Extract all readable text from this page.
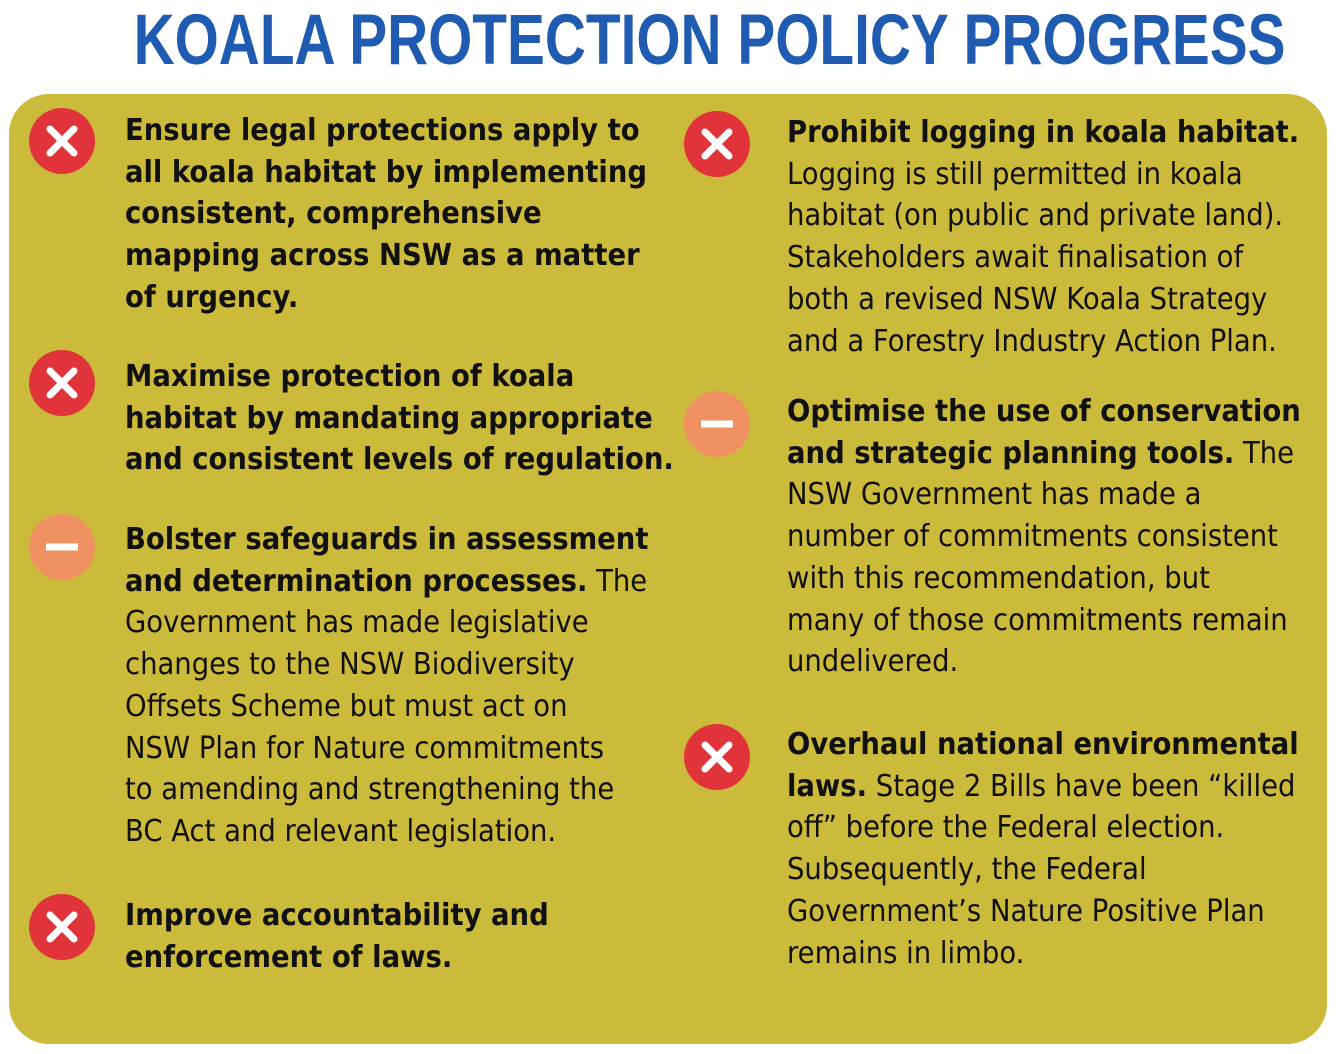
KOALA PROTECTION POLICY PROGRESS
Ensure legal protections apply to
all koala habitat by implementing
consistent, comprehensive
mapping across NSW as a matter
of urgency.
Maximise protection of koala
habitat by mandating appropriate
and consistent levels of regulation.
Bolster safeguards in assessment
and determination processes. The
Government has made legislative
changes to the NSW Biodiversity
Offsets Scheme but must act on
NSW Plan for Nature commitments
to amending and strengthening the
BC Act and relevant legislation.
Improve accountability and
enforcement of laws.
Prohibit logging in koala habitat.
Logging is still permitted in koala
habitat (on public and private land).
Stakeholders await finalisation of
both a revised NSW Koala Strategy
and a Forestry Industry Action Plan.
Optimise the use of conservation
and strategic planning tools. The
NSW Government has made a
number of commitments consistent
with this recommendation, but
many of those commitments remain
undelivered.
Overhaul national environmental
laws. Stage 2 Bills have been “killed
off” before the Federal election.
Subsequently, the Federal
Government’s Nature Positive Plan
remains in limbo.
